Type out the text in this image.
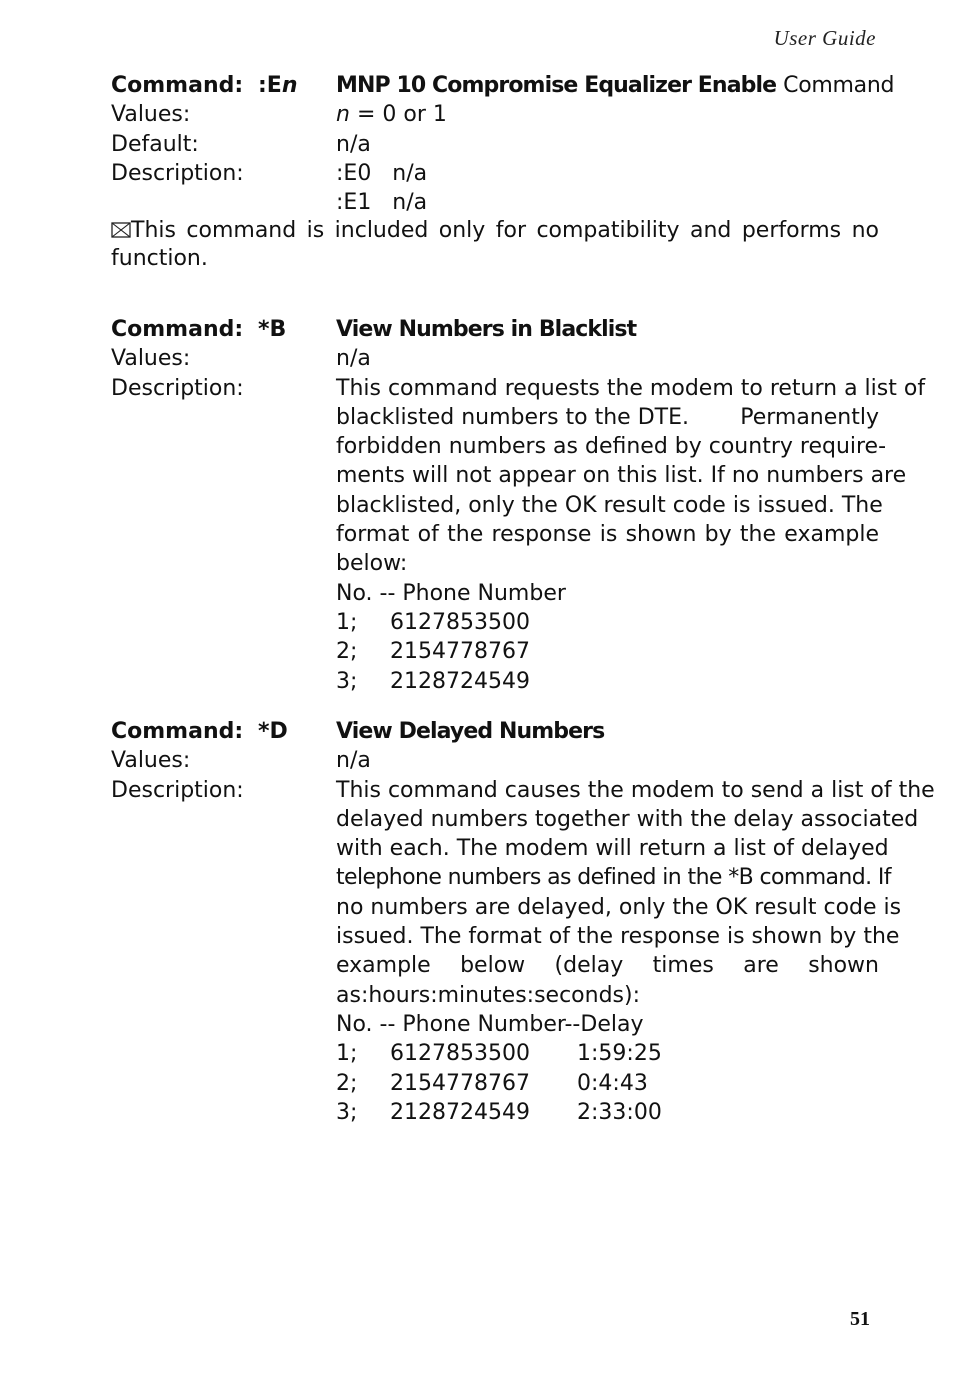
User Guide
Command: :En MNP 10 Compromise Equalizer Enable Command
Values:	n = 0 or 1
Default:	n/a
Description:	:E0 n/a
:E1 n/a
This command is included only for compatibility and performs no function.
Command: *B View Numbers in Blacklist
Values:	n/a
Description:	This command requests the modem to return a list of
blacklisted numbers to the DTE. Permanently
forbidden numbers as defined by country require-
ments will not appear on this list. If no numbers are
blacklisted, only the OK result code is issued. The
format of the response is shown by the example
below:
No. -- Phone Number
1; 6127853500
2; 2154778767
3; 2128724549
Command: *D View Delayed Numbers
Values:	n/a
Description:	This command causes the modem to send a list of the
delayed numbers together with the delay associated
with each. The modem will return a list of delayed
telephone numbers as defined in the *B command. If
no numbers are delayed, only the OK result code is
issued. The format of the response is shown by the
example below (delay times are shown
as:hours:minutes:seconds):
No. -- Phone Number--Delay
1; 6127853500 1:59:25
2; 2154778767 0:4:43
3; 2128724549 2:33:00
51
